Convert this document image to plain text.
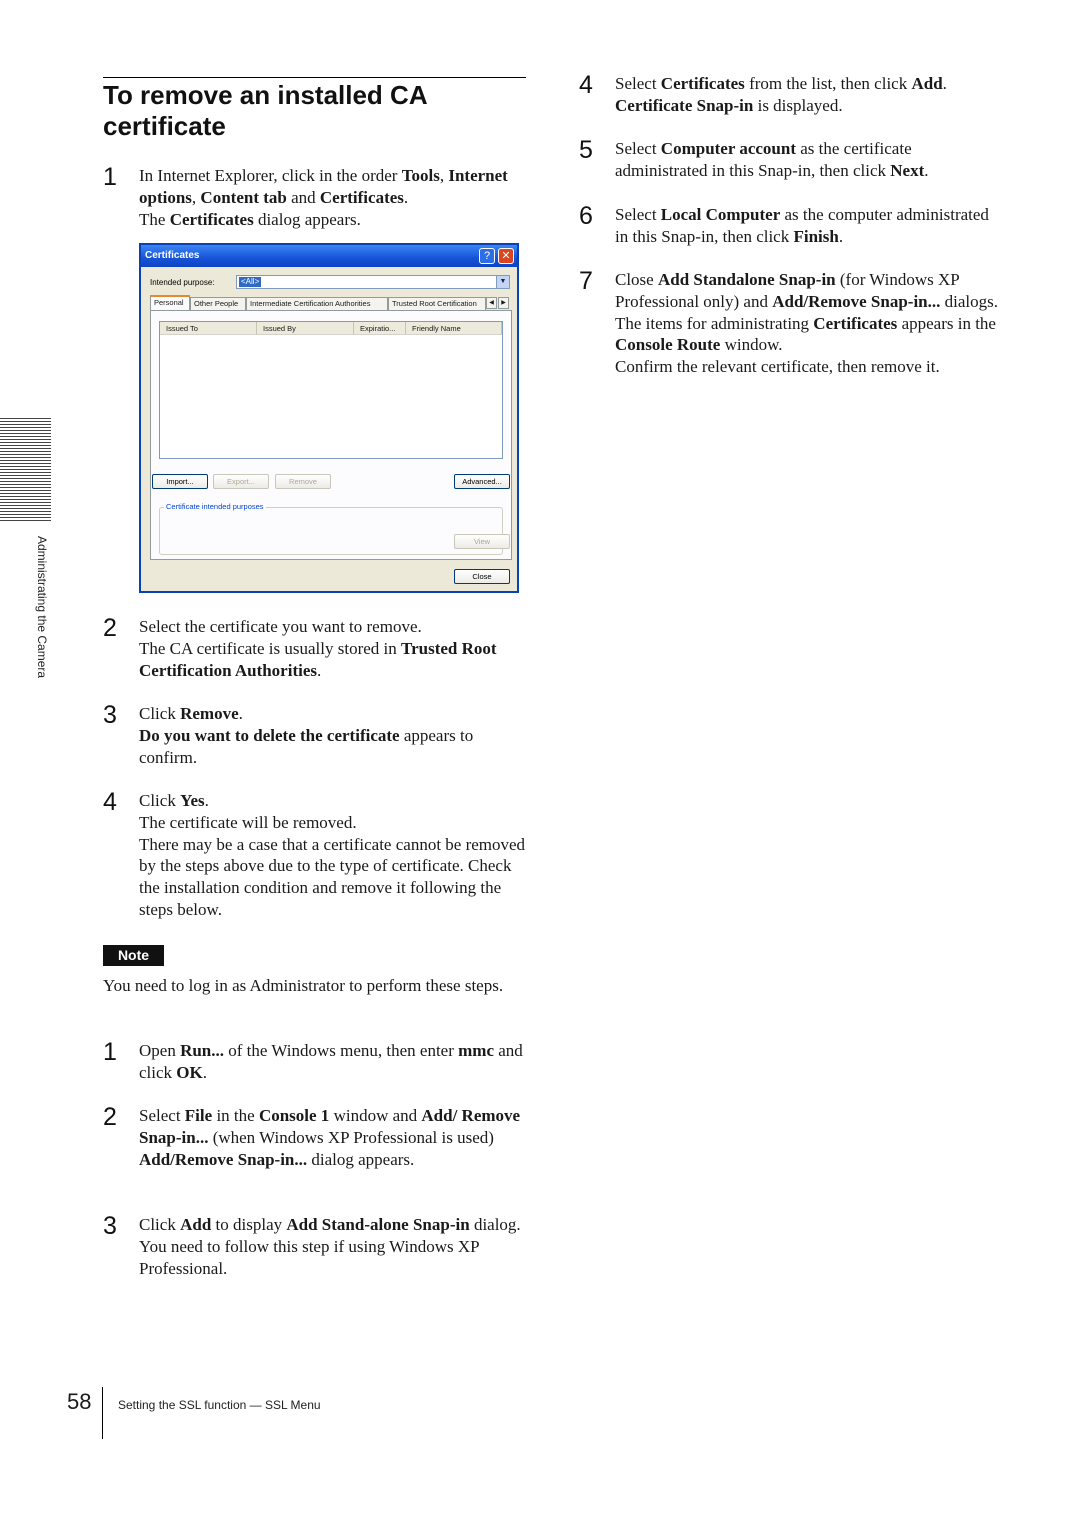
To remove an installed CA certificate
1 In Internet Explorer, click in the order Tools, Internet options, Content tab and Certificates.
The Certificates dialog appears.
Certificates	?	✕
Intended purpose:	<All>	▼
Other People	Intermediate Certification Authorities	Trusted Root Certification	◀	▶
Personal
Issued To	Issued By	Expiratio...	Friendly Name
Import...	Export...	Remove	Advanced...
Certificate intended purposes
View
Close
2 Select the certificate you want to remove.
The CA certificate is usually stored in Trusted Root Certification Authorities.
3 Click Remove.
Do you want to delete the certificate appears to confirm.
4 Click Yes.
The certificate will be removed.
There may be a case that a certificate cannot be removed by the steps above due to the type of certificate. Check the installation condition and remove it following the steps below.
Note
You need to log in as Administrator to perform these steps.
1 Open Run... of the Windows menu, then enter mmc and click OK.
2 Select File in the Console 1 window and Add/ Remove Snap-in... (when Windows XP Professional is used)
Add/Remove Snap-in... dialog appears.
3 Click Add to display Add Stand-alone Snap-in dialog.
You need to follow this step if using Windows XP Professional.
4 Select Certificates from the list, then click Add.
Certificate Snap-in is displayed.
5 Select Computer account as the certificate administrated in this Snap-in, then click Next.
6 Select Local Computer as the computer administrated in this Snap-in, then click Finish.
7 Close Add Standalone Snap-in (for Windows XP Professional only) and Add/Remove Snap-in... dialogs.
The items for administrating Certificates appears in the Console Route window.
Confirm the relevant certificate, then remove it.
Administrating the Camera
58 Setting the SSL function — SSL Menu
